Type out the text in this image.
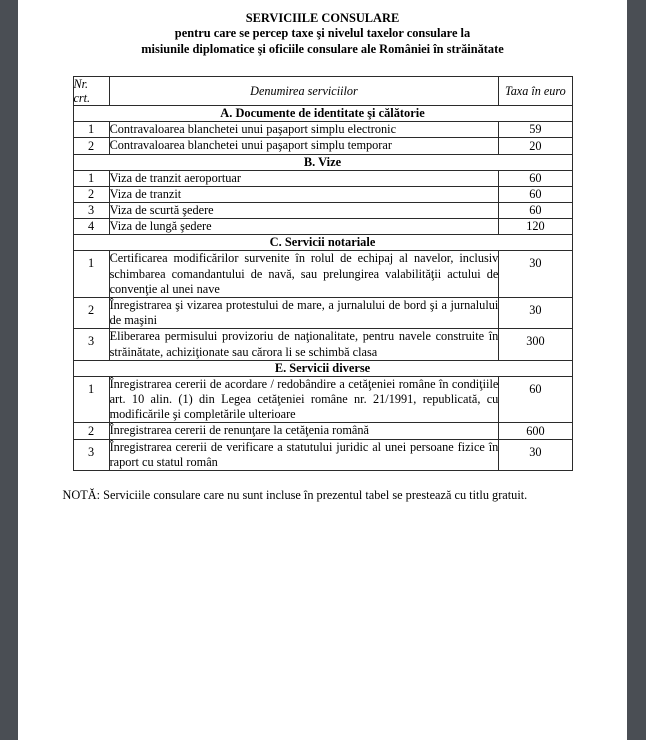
SERVICIILE CONSULARE
pentru care se percep taxe şi nivelul taxelor consulare la
misiunile diplomatice şi oficiile consulare ale României în străinătate
Nr.
crt.	Denumirea serviciilor	Taxa în euro
A. Documente de identitate şi călătorie		
1	Contravaloarea blanchetei unui paşaport simplu electronic	59
2	Contravaloarea blanchetei unui paşaport simplu temporar	20
B. Vize		
1	Viza de tranzit aeroportuar	60
2	Viza de tranzit	60
3	Viza de scurtă şedere	60
4	Viza de lungă şedere	120
C. Servicii notariale		
1	Certificarea modificărilor survenite în rolul de echipaj al navelor, inclusiv schimbarea comandantului de navă, sau prelungirea valabilităţii actului de convenţie al unei nave	30
2	Înregistrarea şi vizarea protestului de mare, a jurnalului de bord şi a jurnalului de maşini	30
3	Eliberarea permisului provizoriu de naţionalitate, pentru navele construite în străinătate, achiziţionate sau cărora li se schimbă clasa	300
E. Servicii diverse		
1	Înregistrarea cererii de acordare / redobândire a cetăţeniei române în condiţiile art. 10 alin. (1) din Legea cetăţeniei române nr. 21/1991, republicată, cu modificările şi completările ulterioare	60
2	Înregistrarea cererii de renunţare la cetăţenia română	600
3	Înregistrarea cererii de verificare a statutului juridic al unei persoane fizice în raport cu statul român	30
NOTĂ: Serviciile consulare care nu sunt incluse în prezentul tabel se prestează cu titlu gratuit.
